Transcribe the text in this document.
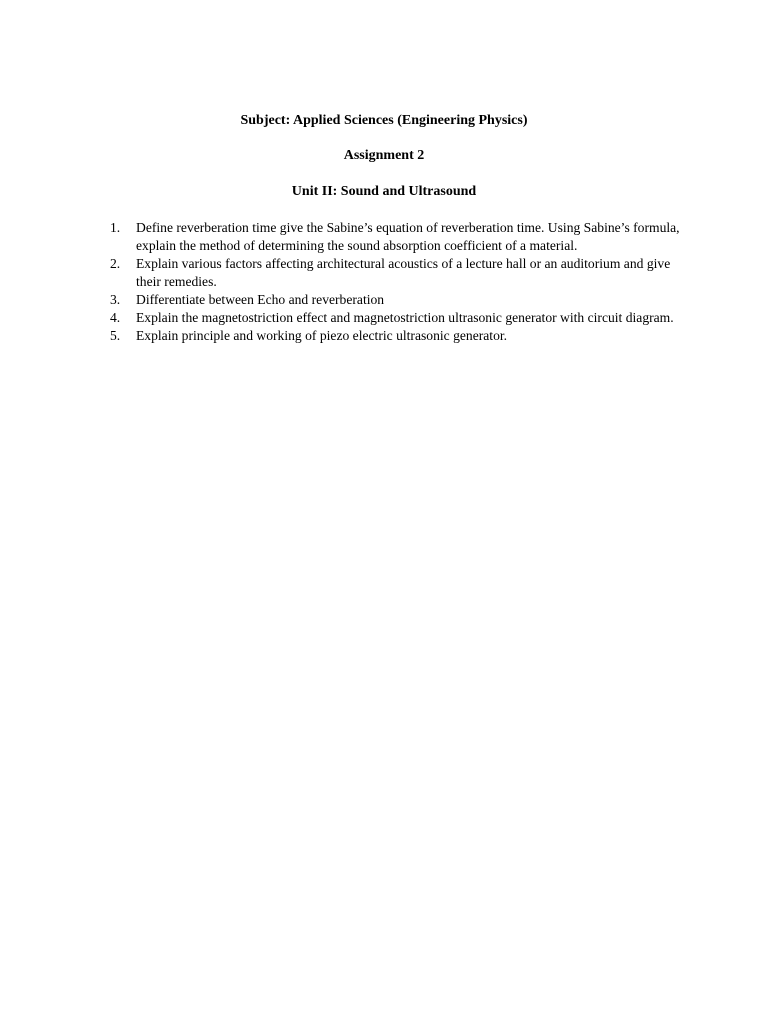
Subject: Applied Sciences (Engineering Physics)
Assignment 2
Unit II: Sound and Ultrasound
1.	Define reverberation time give the Sabine’s equation of reverberation time. Using Sabine’s formula, explain the method of determining the sound absorption coefficient of a material.
2.	Explain various factors affecting architectural acoustics of a lecture hall or an auditorium and give their remedies.
3.	Differentiate between Echo and reverberation
4.	Explain the magnetostriction effect and magnetostriction ultrasonic generator with circuit diagram.
5.	Explain principle and working of piezo electric ultrasonic generator.
